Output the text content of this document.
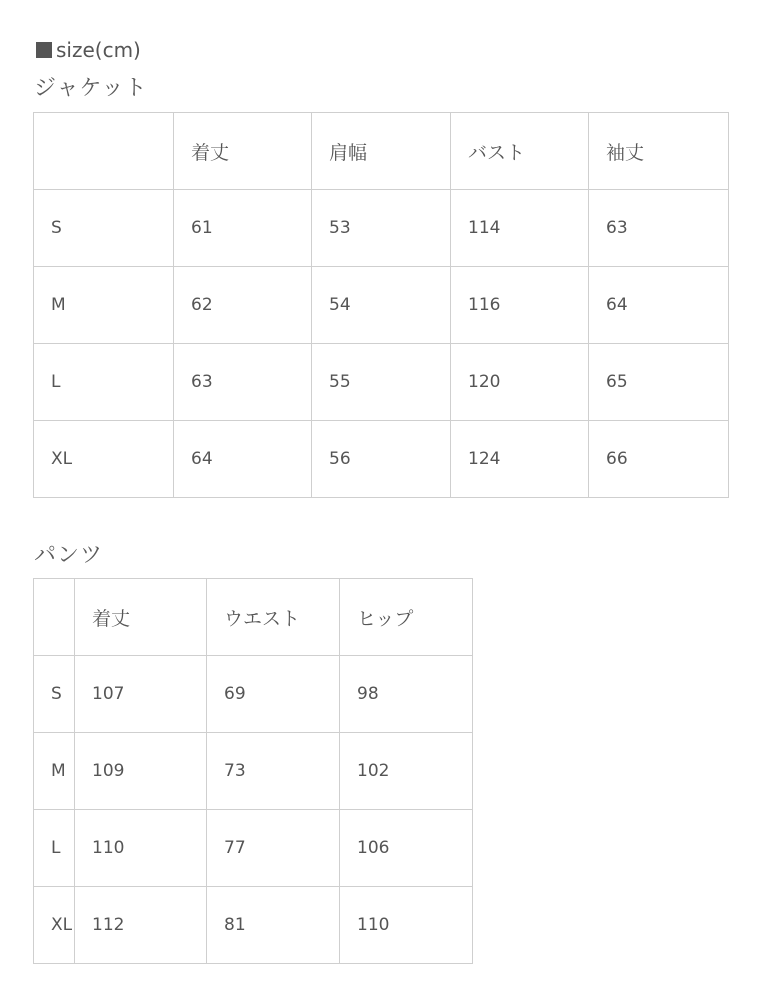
size(cm)
ジャケット
	着丈	肩幅	バスト	袖丈
S	61	53	114	63
M	62	54	116	64
L	63	55	120	65
XL	64	56	124	66
パンツ
	着丈	ウエスト	ヒップ
S	107	69	98
M	109	73	102
L	110	77	106
XL	112	81	110
